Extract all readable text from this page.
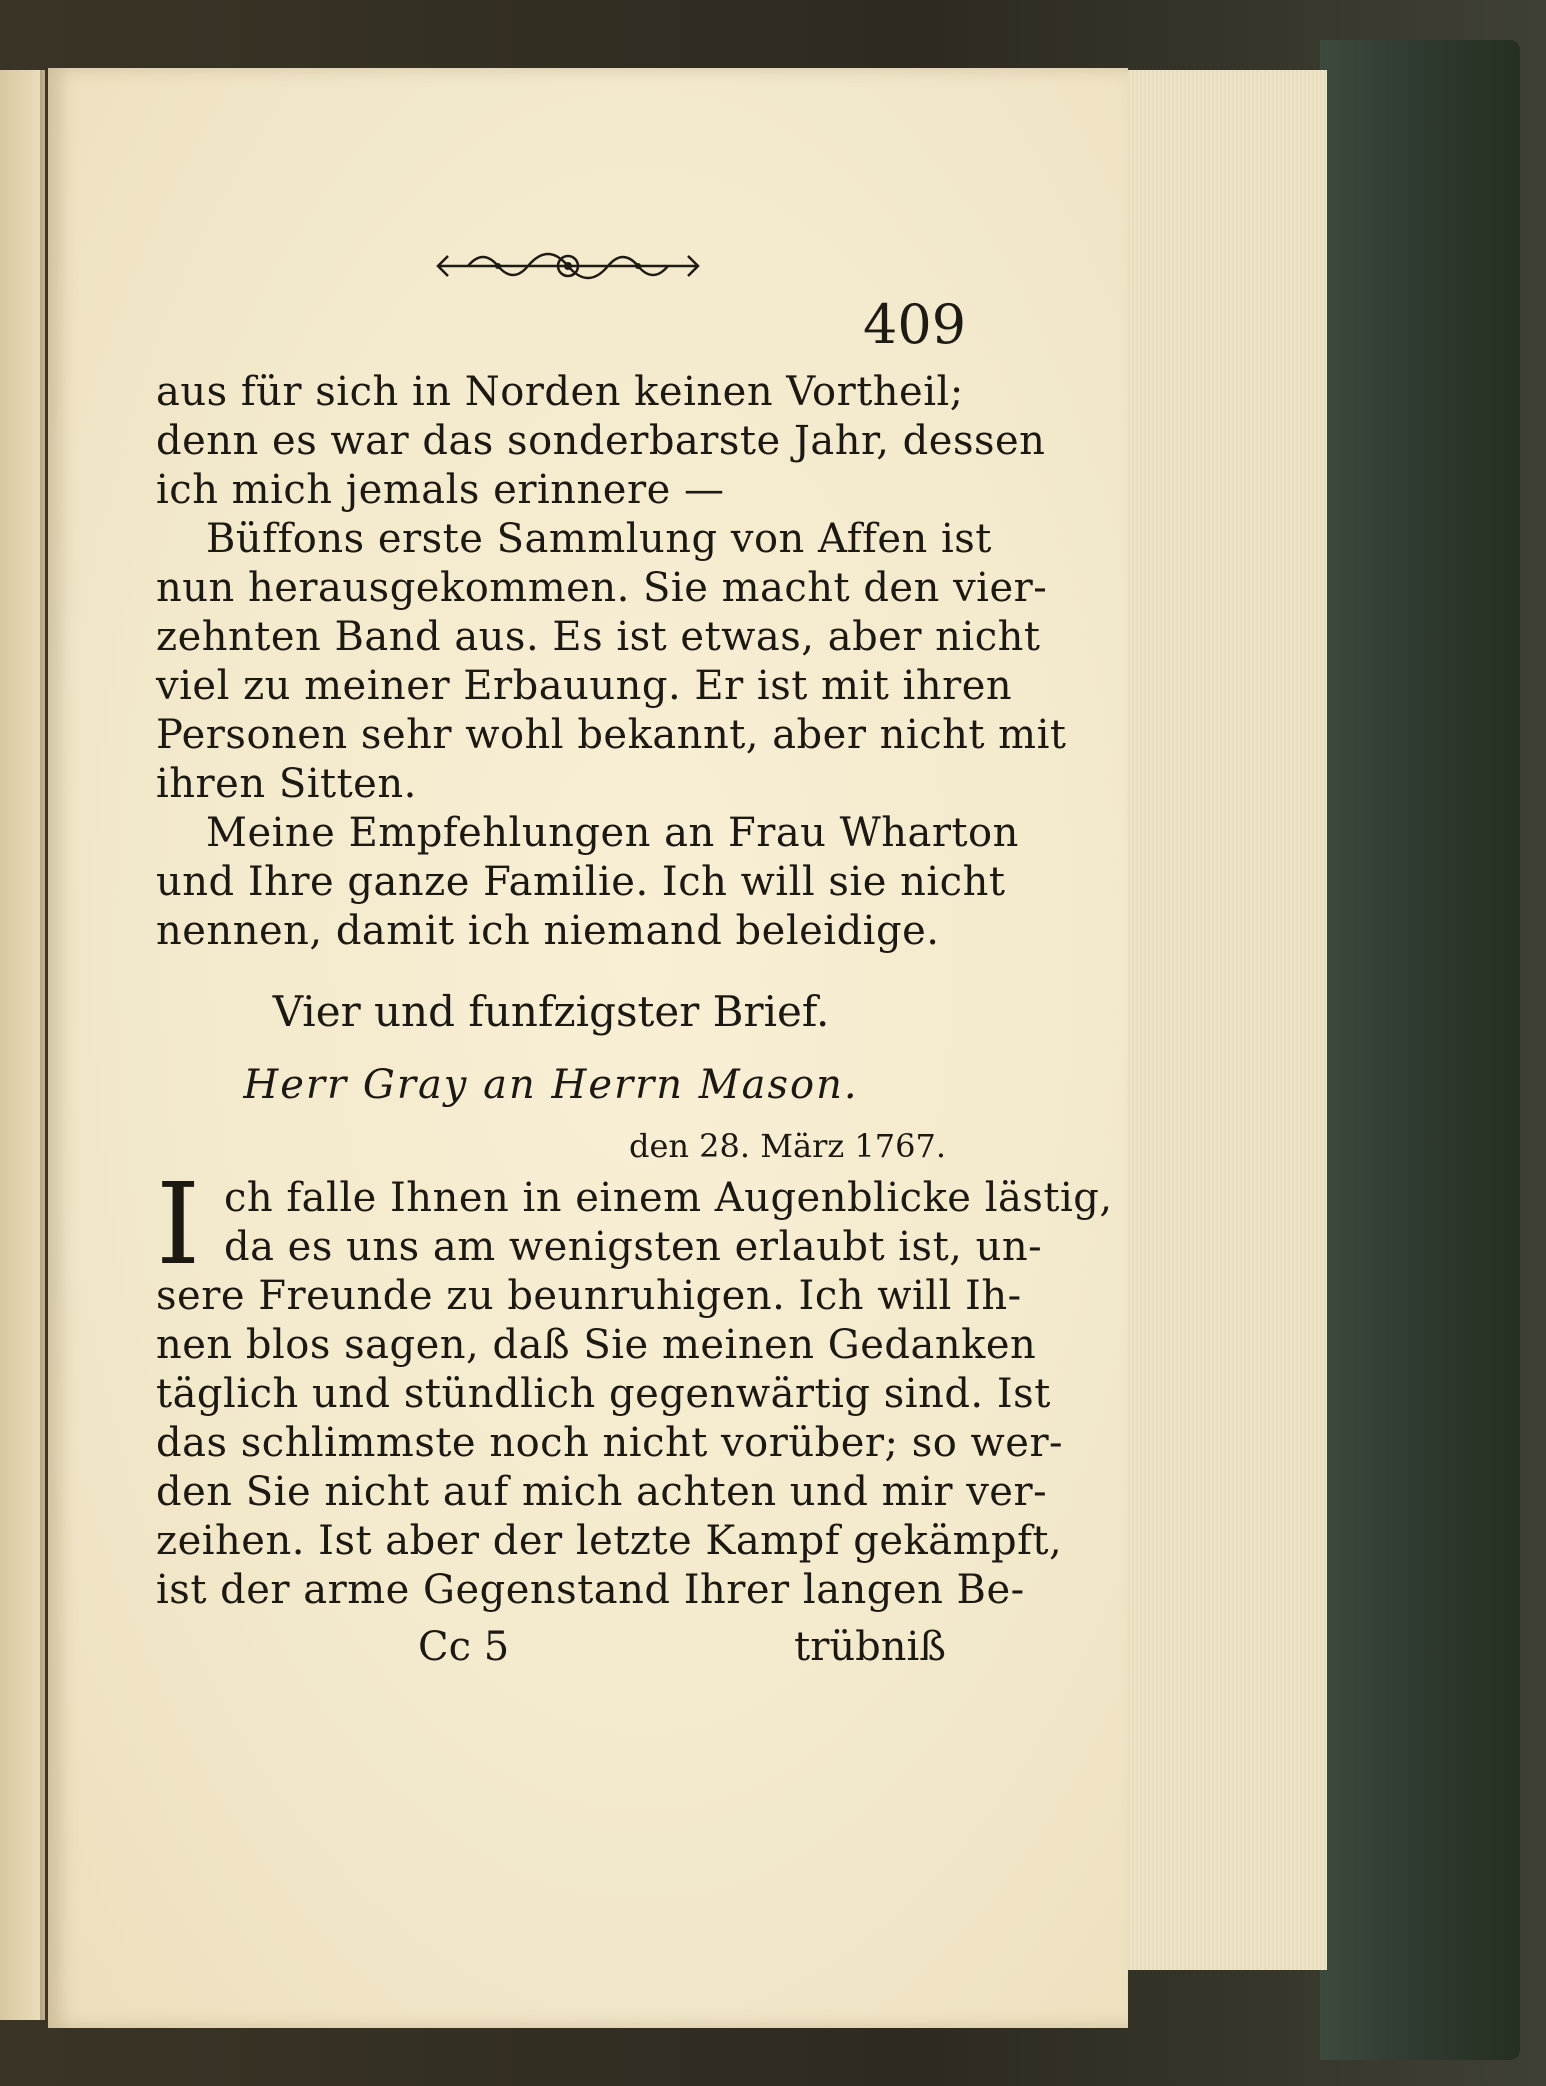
409
aus für sich in Norden keinen Vortheil;
denn es war das sonderbarste Jahr, dessen
ich mich jemals erinnere —
Büffons erste Sammlung von Affen ist
nun herausgekommen. Sie macht den vier-
zehnten Band aus. Es ist etwas, aber nicht
viel zu meiner Erbauung. Er ist mit ihren
Personen sehr wohl bekannt, aber nicht mit
ihren Sitten.
Meine Empfehlungen an Frau Wharton
und Ihre ganze Familie. Ich will sie nicht
nennen, damit ich niemand beleidige.
Vier und funfzigster Brief.
Herr Gray an Herrn Mason.
den 28. März 1767.
I ch falle Ihnen in einem Augenblicke lästig,
da es uns am wenigsten erlaubt ist, un-
sere Freunde zu beunruhigen. Ich will Ih-
nen blos sagen, daß Sie meinen Gedanken
täglich und stündlich gegenwärtig sind. Ist
das schlimmste noch nicht vorüber; so wer-
den Sie nicht auf mich achten und mir ver-
zeihen. Ist aber der letzte Kampf gekämpft,
ist der arme Gegenstand Ihrer langen Be-
Cc 5	trübniß
